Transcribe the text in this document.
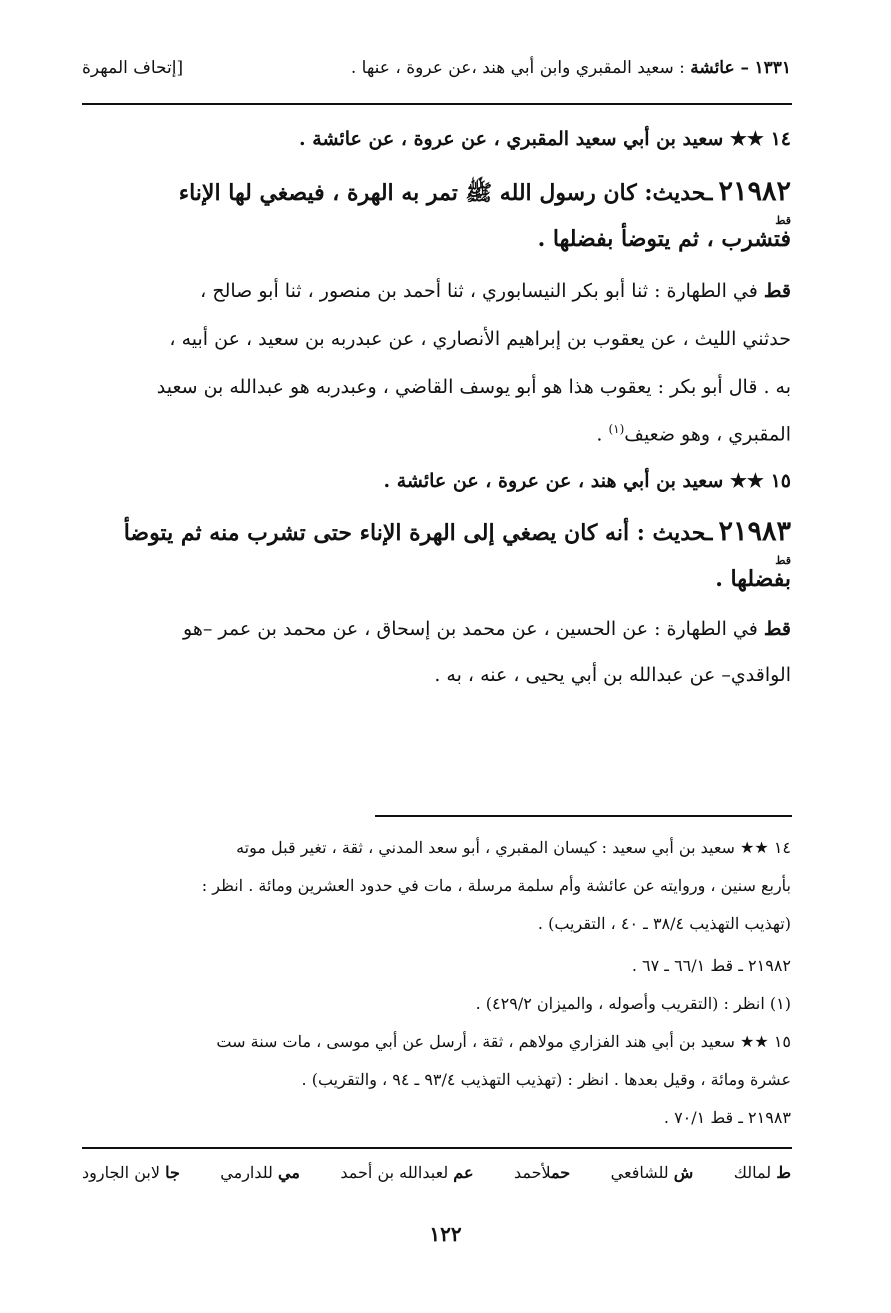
١٣٣١ – عائشة : سعيد المقبري وابن أبي هند ،عن عروة ، عنها .
[إتحاف المهرة
١٤ ★★ سعيد بن أبي سعيد المقبري ، عن عروة ، عن عائشة .
٢١٩٨٢ ـحديث: كان رسول الله ﷺ تمر به الهرة ، فيصغي لها الإناء
قط
فتشرب ، ثم يتوضأ بفضلها .
قط في الطهارة : ثنا أبو بكر النيسابوري ، ثنا أحمد بن منصور ، ثنا أبو صالح ،
حدثني الليث ، عن يعقوب بن إبراهيم الأنصاري ، عن عبدربه بن سعيد ، عن أبيه ،
به . قال أبو بكر : يعقوب هذا هو أبو يوسف القاضي ، وعبدربه هو عبدالله بن سعيد
المقبري ، وهو ضعيف$^{(١)}$ .
١٥ ★★ سعيد بن أبي هند ، عن عروة ، عن عائشة .
٢١٩٨٣ ـحديث : أنه كان يصغي إلى الهرة الإناء حتى تشرب منه ثم يتوضأ
قط
بفضلها .
قط في الطهارة : عن الحسين ، عن محمد بن إسحاق ، عن محمد بن عمر –هو
الواقدي– عن عبدالله بن أبي يحيى ، عنه ، به .
١٤ ★★ سعيد بن أبي سعيد : كيسان المقبري ، أبو سعد المدني ، ثقة ، تغير قبل موته
بأربع سنين ، وروايته عن عائشة وأم سلمة مرسلة ، مات في حدود العشرين ومائة . انظر :
(تهذيب التهذيب ٣٨/٤ ـ ٤٠ ، التقريب) .
٢١٩٨٢ ـ قط ٦٦/١ ـ ٦٧ .
(١) انظر : (التقريب وأصوله ، والميزان ٤٢٩/٢) .
١٥ ★★ سعيد بن أبي هند الفزاري مولاهم ، ثقة ، أرسل عن أبي موسى ، مات سنة ست
عشرة ومائة ، وقيل بعدها . انظر : (تهذيب التهذيب ٩٣/٤ ـ ٩٤ ، والتقريب) .
٢١٩٨٣ ـ قط ٧٠/١ .
ط لمالك
ش للشافعي
حملأحمد
عم لعبدالله بن أحمد
مي للدارمي
جا لابن الجارود
١٢٢
